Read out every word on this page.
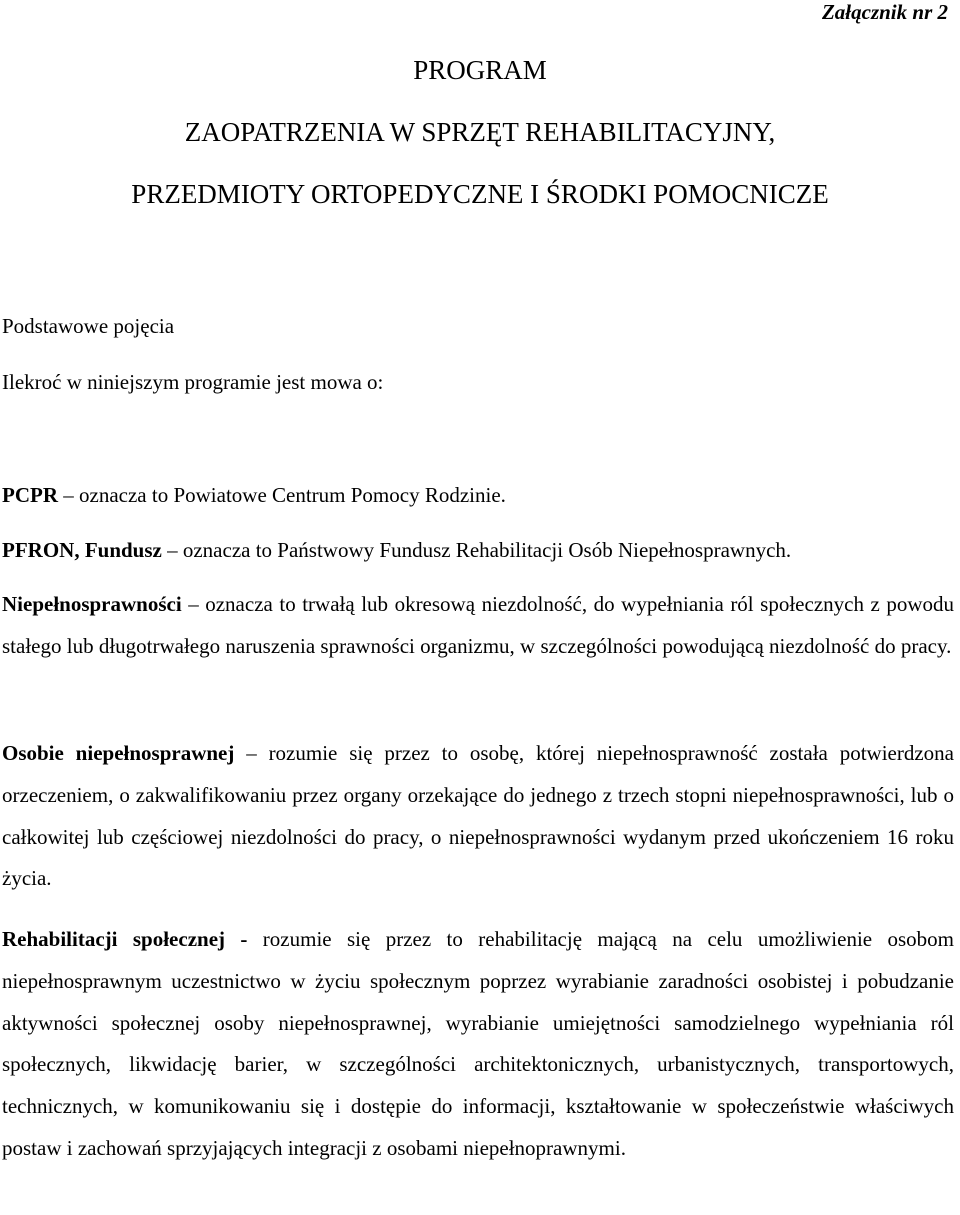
Załącznik nr 2
PROGRAM
ZAOPATRZENIA W SPRZĘT REHABILITACYJNY,
PRZEDMIOTY ORTOPEDYCZNE I ŚRODKI POMOCNICZE
Podstawowe pojęcia
Ilekroć w niniejszym programie jest mowa o:
PCPR – oznacza to Powiatowe Centrum Pomocy Rodzinie.
PFRON, Fundusz – oznacza to Państwowy Fundusz Rehabilitacji Osób Niepełnosprawnych.
Niepełnosprawności – oznacza to trwałą lub okresową niezdolność, do wypełniania ról społecznych z powodu stałego lub długotrwałego naruszenia sprawności organizmu, w szczególności powodującą niezdolność do pracy.
Osobie niepełnosprawnej – rozumie się przez to osobę, której niepełnosprawność została potwierdzona orzeczeniem, o zakwalifikowaniu przez organy orzekające do jednego z trzech stopni niepełnosprawności, lub o całkowitej lub częściowej niezdolności do pracy, o niepełnosprawności wydanym przed ukończeniem 16 roku życia.
Rehabilitacji społecznej - rozumie się przez to rehabilitację mającą na celu umożliwienie osobom niepełnosprawnym uczestnictwo w życiu społecznym poprzez wyrabianie zaradności osobistej i pobudzanie aktywności społecznej osoby niepełnosprawnej, wyrabianie umiejętności samodzielnego wypełniania ról społecznych, likwidację barier, w szczególności architektonicznych, urbanistycznych, transportowych, technicznych, w komunikowaniu się i dostępie do informacji, kształtowanie w społeczeństwie właściwych postaw i zachowań sprzyjających integracji z osobami niepełnoprawnymi.
